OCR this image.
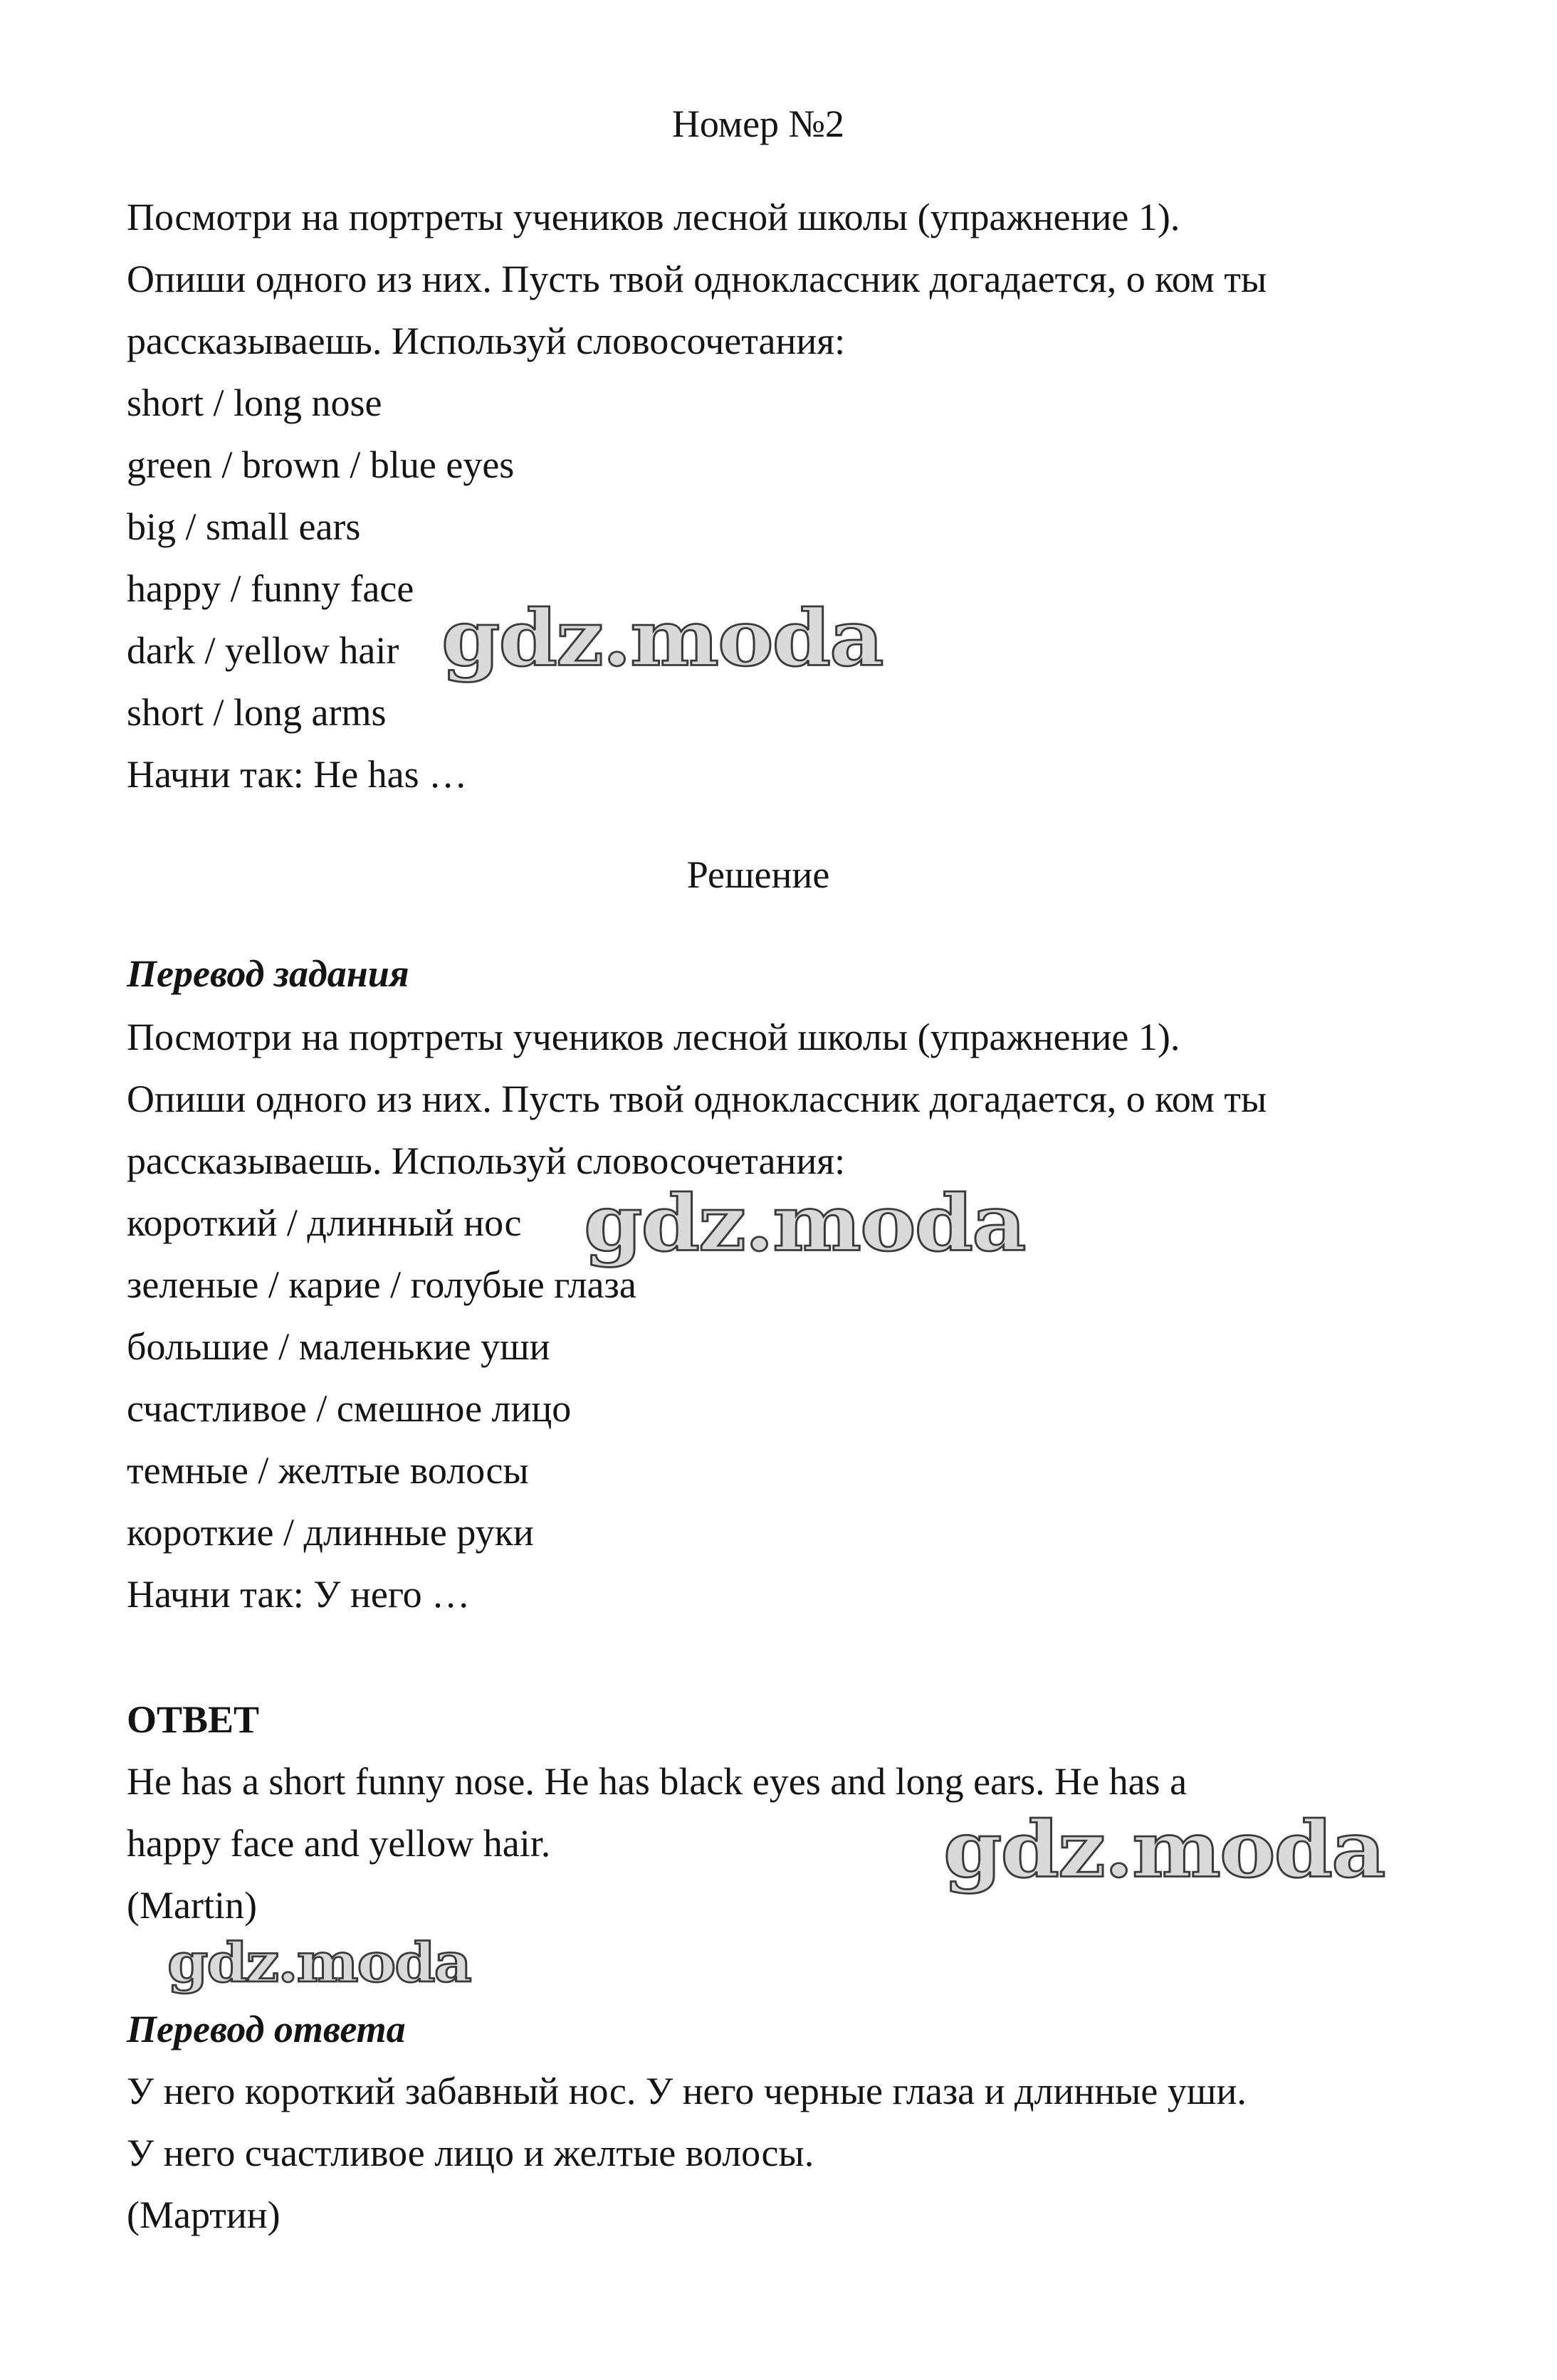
Номер №2

Посмотри на портреты учеников лесной школы (упражнение 1).

Опиши одного из них. Пусть твой одноклассник догадается, о ком ты

рассказываешь. Используй словосочетания:

short / long nose

green / brown / blue eyes

big / small ears

happy / funny face

dark / yellow hair

short / long arms

Начни так: He has …

Решение

Перевод задания

Посмотри на портреты учеников лесной школы (упражнение 1).

Опиши одного из них. Пусть твой одноклассник догадается, о ком ты

рассказываешь. Используй словосочетания:

короткий / длинный нос

зеленые / карие / голубые глаза

большие / маленькие уши

счастливое / смешное лицо

темные / желтые волосы

короткие / длинные руки

Начни так: У него …

ОТВЕТ

He has a short funny nose. He has black eyes and long ears. He has a

happy face and yellow hair.

(Martin)

Перевод ответа

У него короткий забавный нос. У него черные глаза и длинные уши.

У него счастливое лицо и желтые волосы.

(Мартин)

gdz.moda
gdz.moda
gdz.moda
gdz.moda
